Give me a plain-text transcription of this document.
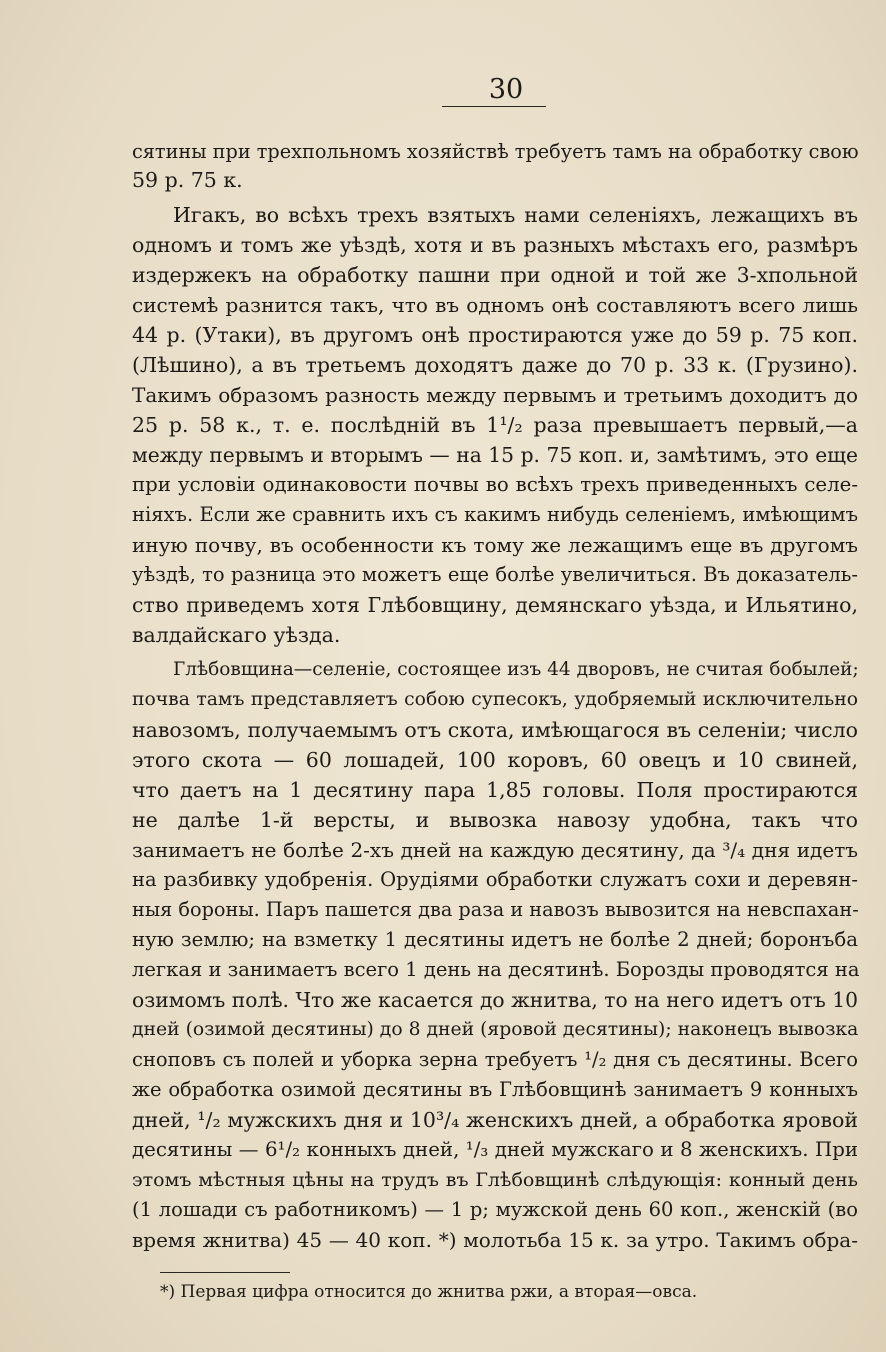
30
сятины при трехпольномъ хозяйствѣ требуетъ тамъ на обработку свою
59 р. 75 к.
Игакъ, во всѣхъ трехъ взятыхъ нами селеніяхъ, лежащихъ въ
одномъ и томъ же уѣздѣ, хотя и въ разныхъ мѣстахъ его, размѣръ
издержекъ на обработку пашни при одной и той же 3-хпольной
системѣ разнится такъ, что въ одномъ онѣ составляютъ всего лишь
44 р. (Утаки), въ другомъ онѣ простираются уже до 59 р. 75 коп.
(Лѣшино), а въ третьемъ доходятъ даже до 70 р. 33 к. (Грузино).
Такимъ образомъ разность между первымъ и третьимъ доходитъ до
25 р. 58 к., т. е. послѣдній въ 1¹/₂ раза превышаетъ первый,—а
между первымъ и вторымъ — на 15 р. 75 коп. и, замѣтимъ, это еще
при условіи одинаковости почвы во всѣхъ трехъ приведенныхъ селе-
ніяхъ. Если же сравнить ихъ съ какимъ нибудь селеніемъ, имѣющимъ
иную почву, въ особенности къ тому же лежащимъ еще въ другомъ
уѣздѣ, то разница это можетъ еще болѣе увеличиться. Въ доказатель-
ство приведемъ хотя Глѣбовщину, демянскаго уѣзда, и Ильятино,
валдайскаго уѣзда.
Глѣбовщина—селеніе, состоящее изъ 44 дворовъ, не считая бобылей;
почва тамъ представляетъ собою супесокъ, удобряемый исключительно
навозомъ, получаемымъ отъ скота, имѣющагося въ селеніи; число
этого скота — 60 лошадей, 100 коровъ, 60 овецъ и 10 свиней,
что даетъ на 1 десятину пара 1,85 головы. Поля простираются
не далѣе 1-й версты, и вывозка навозу удобна, такъ что
занимаетъ не болѣе 2-хъ дней на каждую десятину, да ³/₄ дня идетъ
на разбивку удобренія. Орудіями обработки служатъ сохи и деревян-
ныя бороны. Паръ пашется два раза и навозъ вывозится на невспахан-
ную землю; на взметку 1 десятины идетъ не болѣе 2 дней; боронъба
легкая и занимаетъ всего 1 день на десятинѣ. Борозды проводятся на
озимомъ полѣ. Что же касается до жнитва, то на него идетъ отъ 10
дней (озимой десятины) до 8 дней (яровой десятины); наконецъ вывозка
сноповъ съ полей и уборка зерна требуетъ ¹/₂ дня съ десятины. Всего
же обработка озимой десятины въ Глѣбовщинѣ занимаетъ 9 конныхъ
дней, ¹/₂ мужскихъ дня и 10³/₄ женскихъ дней, а обработка яровой
десятины — 6¹/₂ конныхъ дней, ¹/₃ дней мужскаго и 8 женскихъ. При
этомъ мѣстныя цѣны на трудъ въ Глѣбовщинѣ слѣдующія: конный день
(1 лошади съ работникомъ) — 1 р; мужской день 60 коп., женскій (во
время жнитва) 45 — 40 коп. *) молотьба 15 к. за утро. Такимъ обра-
*) Первая цифра относится до жнитва ржи, а вторая—овса.
